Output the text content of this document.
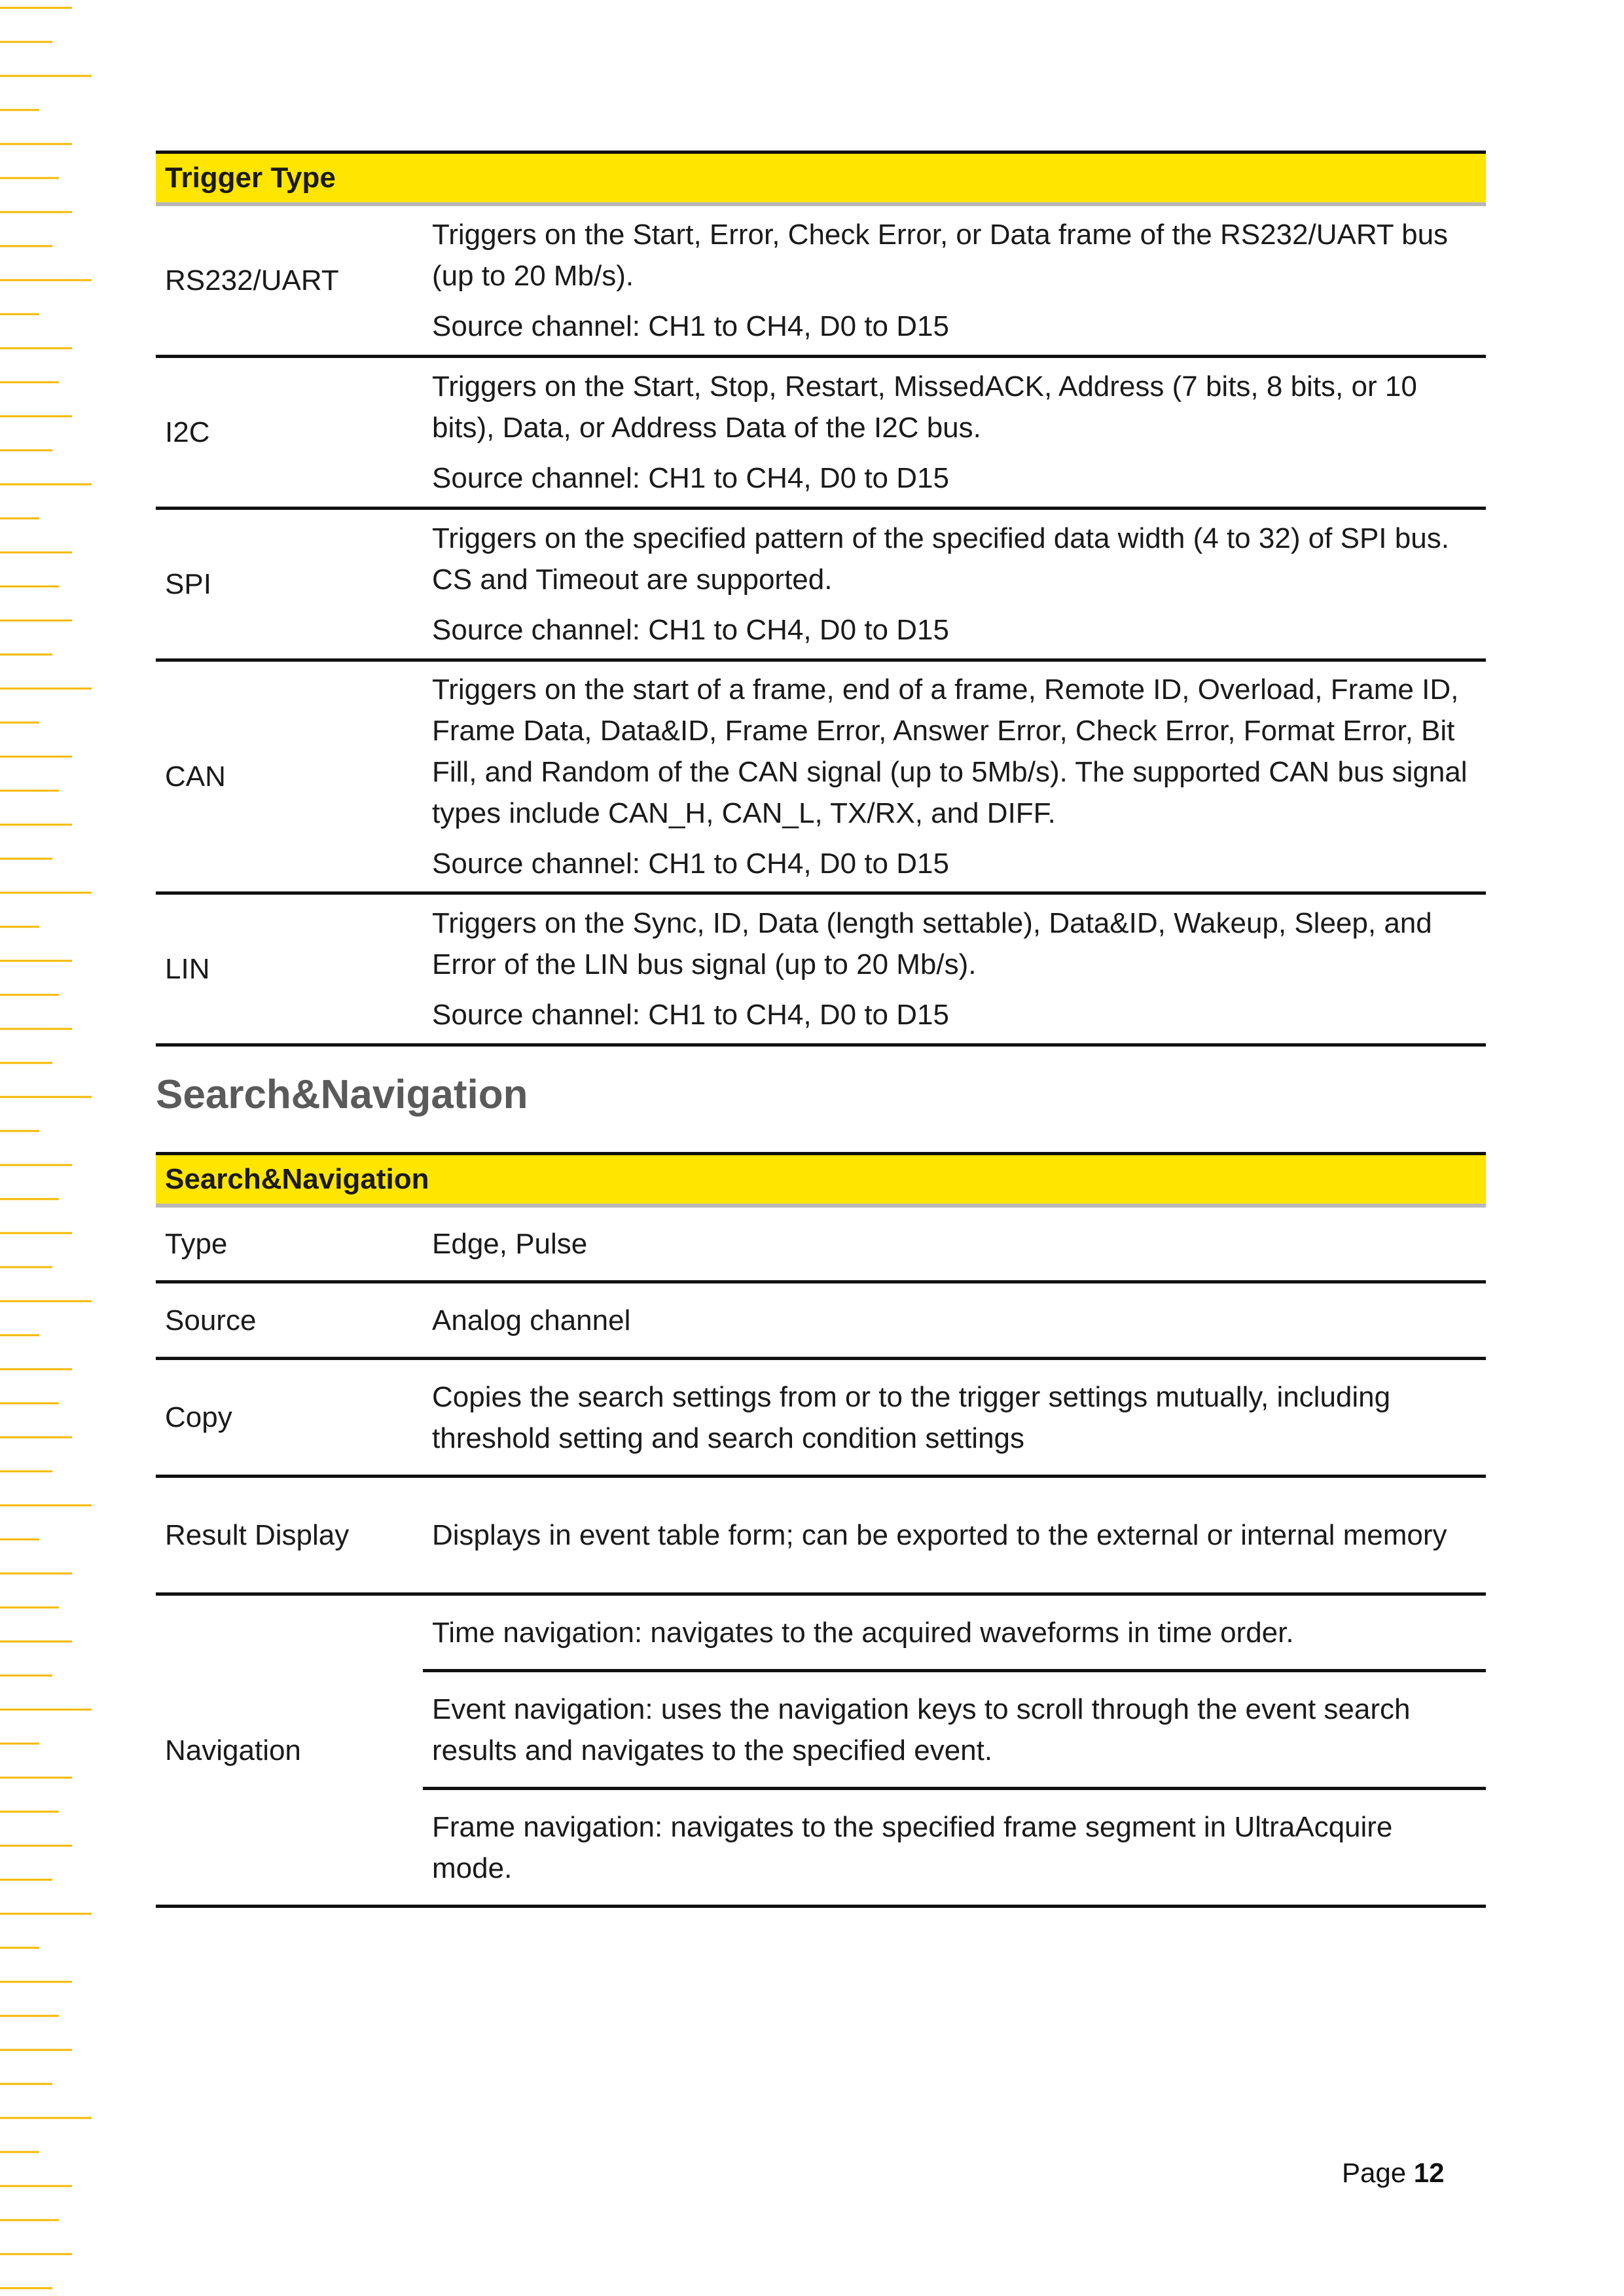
Trigger Type	
RS232/UART	Triggers on the Start, Error, Check Error, or Data frame of the RS232/UART bus (up to 20 Mb/s).

Source channel: CH1 to CH4, D0 to D15

I2C	Triggers on the Start, Stop, Restart, MissedACK, Address (7 bits, 8 bits, or 10 bits), Data, or Address Data of the I2C bus.

Source channel: CH1 to CH4, D0 to D15

SPI	Triggers on the specified pattern of the specified data width (4 to 32) of SPI bus. CS and Timeout are supported.

Source channel: CH1 to CH4, D0 to D15

CAN	Triggers on the start of a frame, end of a frame, Remote ID, Overload, Frame ID, Frame Data, Data&ID, Frame Error, Answer Error, Check Error, Format Error, Bit Fill, and Random of the CAN signal (up to 5Mb/s). The supported CAN bus signal types include CAN_H, CAN_L, TX/RX, and DIFF.

Source channel: CH1 to CH4, D0 to D15

LIN	Triggers on the Sync, ID, Data (length settable), Data&ID, Wakeup, Sleep, and Error of the LIN bus signal (up to 20 Mb/s).

Source channel: CH1 to CH4, D0 to D15

Search&Navigation
Search&Navigation	
Type	Edge, Pulse
Source	Analog channel
Copy	Copies the search settings from or to the trigger settings mutually, including threshold setting and search condition settings
Result Display	Displays in event table form; can be exported to the external or internal memory
Navigation	Time navigation: navigates to the acquired waveforms in time order.
	Event navigation: uses the navigation keys to scroll through the event search results and navigates to the specified event.
	Frame navigation: navigates to the specified frame segment in UltraAcquire mode.
Page 12
